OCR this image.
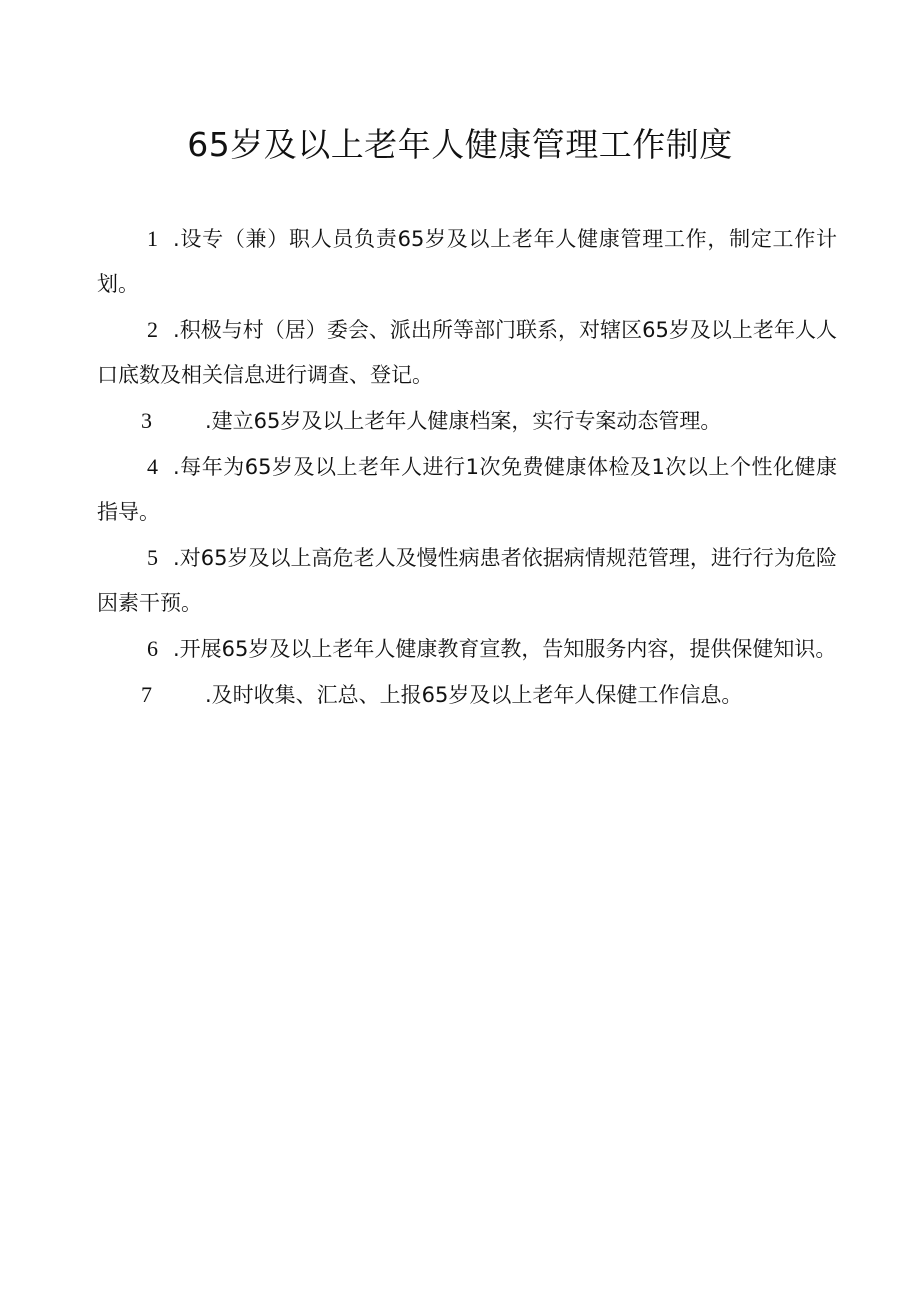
65岁及以上老年人健康管理工作制度

1 .设专（兼）职人员负责65岁及以上老年人健康管理工作，制定工作计划。

2 .积极与村（居）委会、派出所等部门联系，对辖区65岁及以上老年人人口底数及相关信息进行调查、登记。

3	.建立65岁及以上老年人健康档案，实行专案动态管理。

4 .每年为65岁及以上老年人进行1次免费健康体检及1次以上个性化健康指导。

5 .对65岁及以上高危老人及慢性病患者依据病情规范管理，进行行为危险因素干预。

6 .开展65岁及以上老年人健康教育宣教，告知服务内容，提供保健知识。

7	.及时收集、汇总、上报65岁及以上老年人保健工作信息。
